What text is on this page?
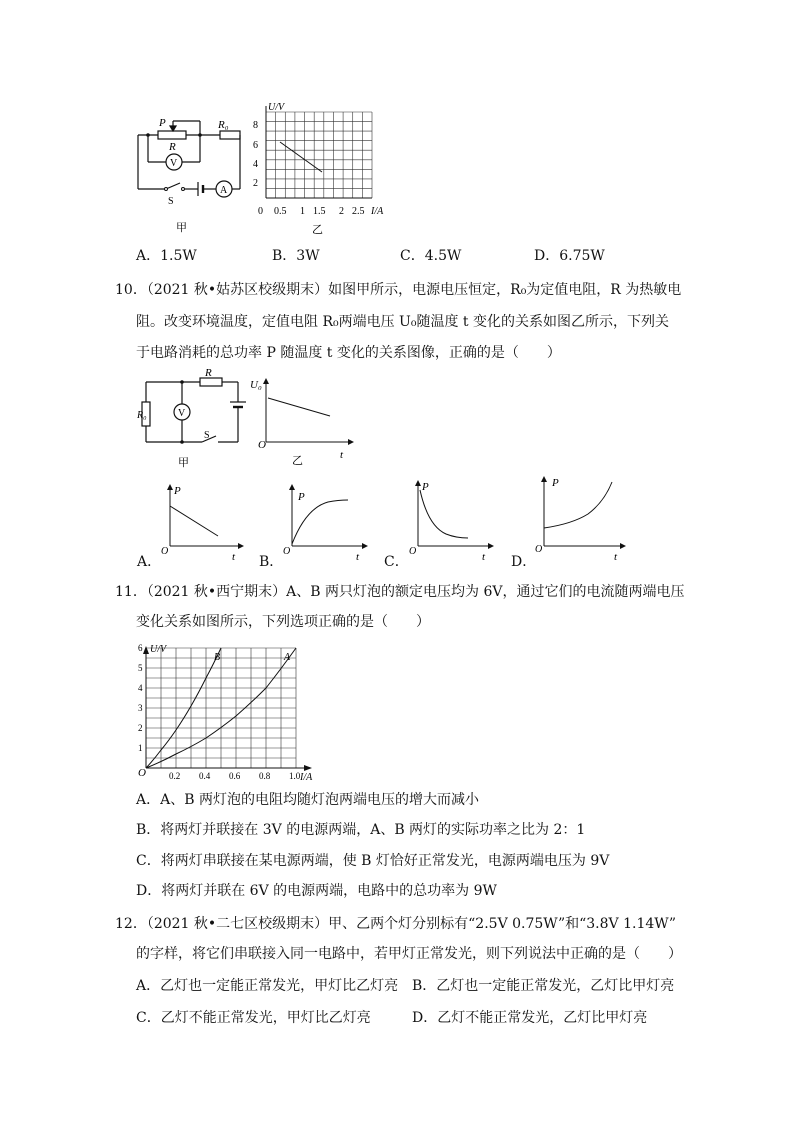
P
R
R₀
V
A
S
甲
U/V
I/A
2
4
6
8
0 0.5 1 1.5 2 2.5
乙
A．1.5W	B．3W	C．4.5W	D．6.75W
10．（2021 秋•姑苏区校级期末）如图甲所示，电源电压恒定，R₀为定值电阻，R 为热敏电
阻。改变环境温度，定值电阻 R₀两端电压 U₀随温度 t 变化的关系如图乙所示，下列关
于电路消耗的总功率 P 随温度 t 变化的关系图像，正确的是（　　）
R
R₀	V
S
甲
U₀
O
t
乙
A．
P
O	t B．
P
O	t C．
P
O	t D．
P
O
t
11．（2021 秋•西宁期末）A、B 两只灯泡的额定电压均为 6V，通过它们的电流随两端电压
变化关系如图所示，下列选项正确的是（　　）
0.2 0.4 0.6 0.8 1.0
1
2
3
4
5
6 U/V
I/A
O
B	A
A．A、B 两灯泡的电阻均随灯泡两端电压的增大而减小
B．将两灯并联接在 3V 的电源两端，A、B 两灯的实际功率之比为 2：1
C．将两灯串联接在某电源两端，使 B 灯恰好正常发光，电源两端电压为 9V
D．将两灯并联在 6V 的电源两端，电路中的总功率为 9W
12．（2021 秋•二七区校级期末）甲、乙两个灯分别标有“2.5V 0.75W”和“3.8V 1.14W”
的字样，将它们串联接入同一电路中，若甲灯正常发光，则下列说法中正确的是（　　）
A．乙灯也一定能正常发光，甲灯比乙灯亮 B．乙灯也一定能正常发光，乙灯比甲灯亮
C．乙灯不能正常发光，甲灯比乙灯亮	D．乙灯不能正常发光，乙灯比甲灯亮
